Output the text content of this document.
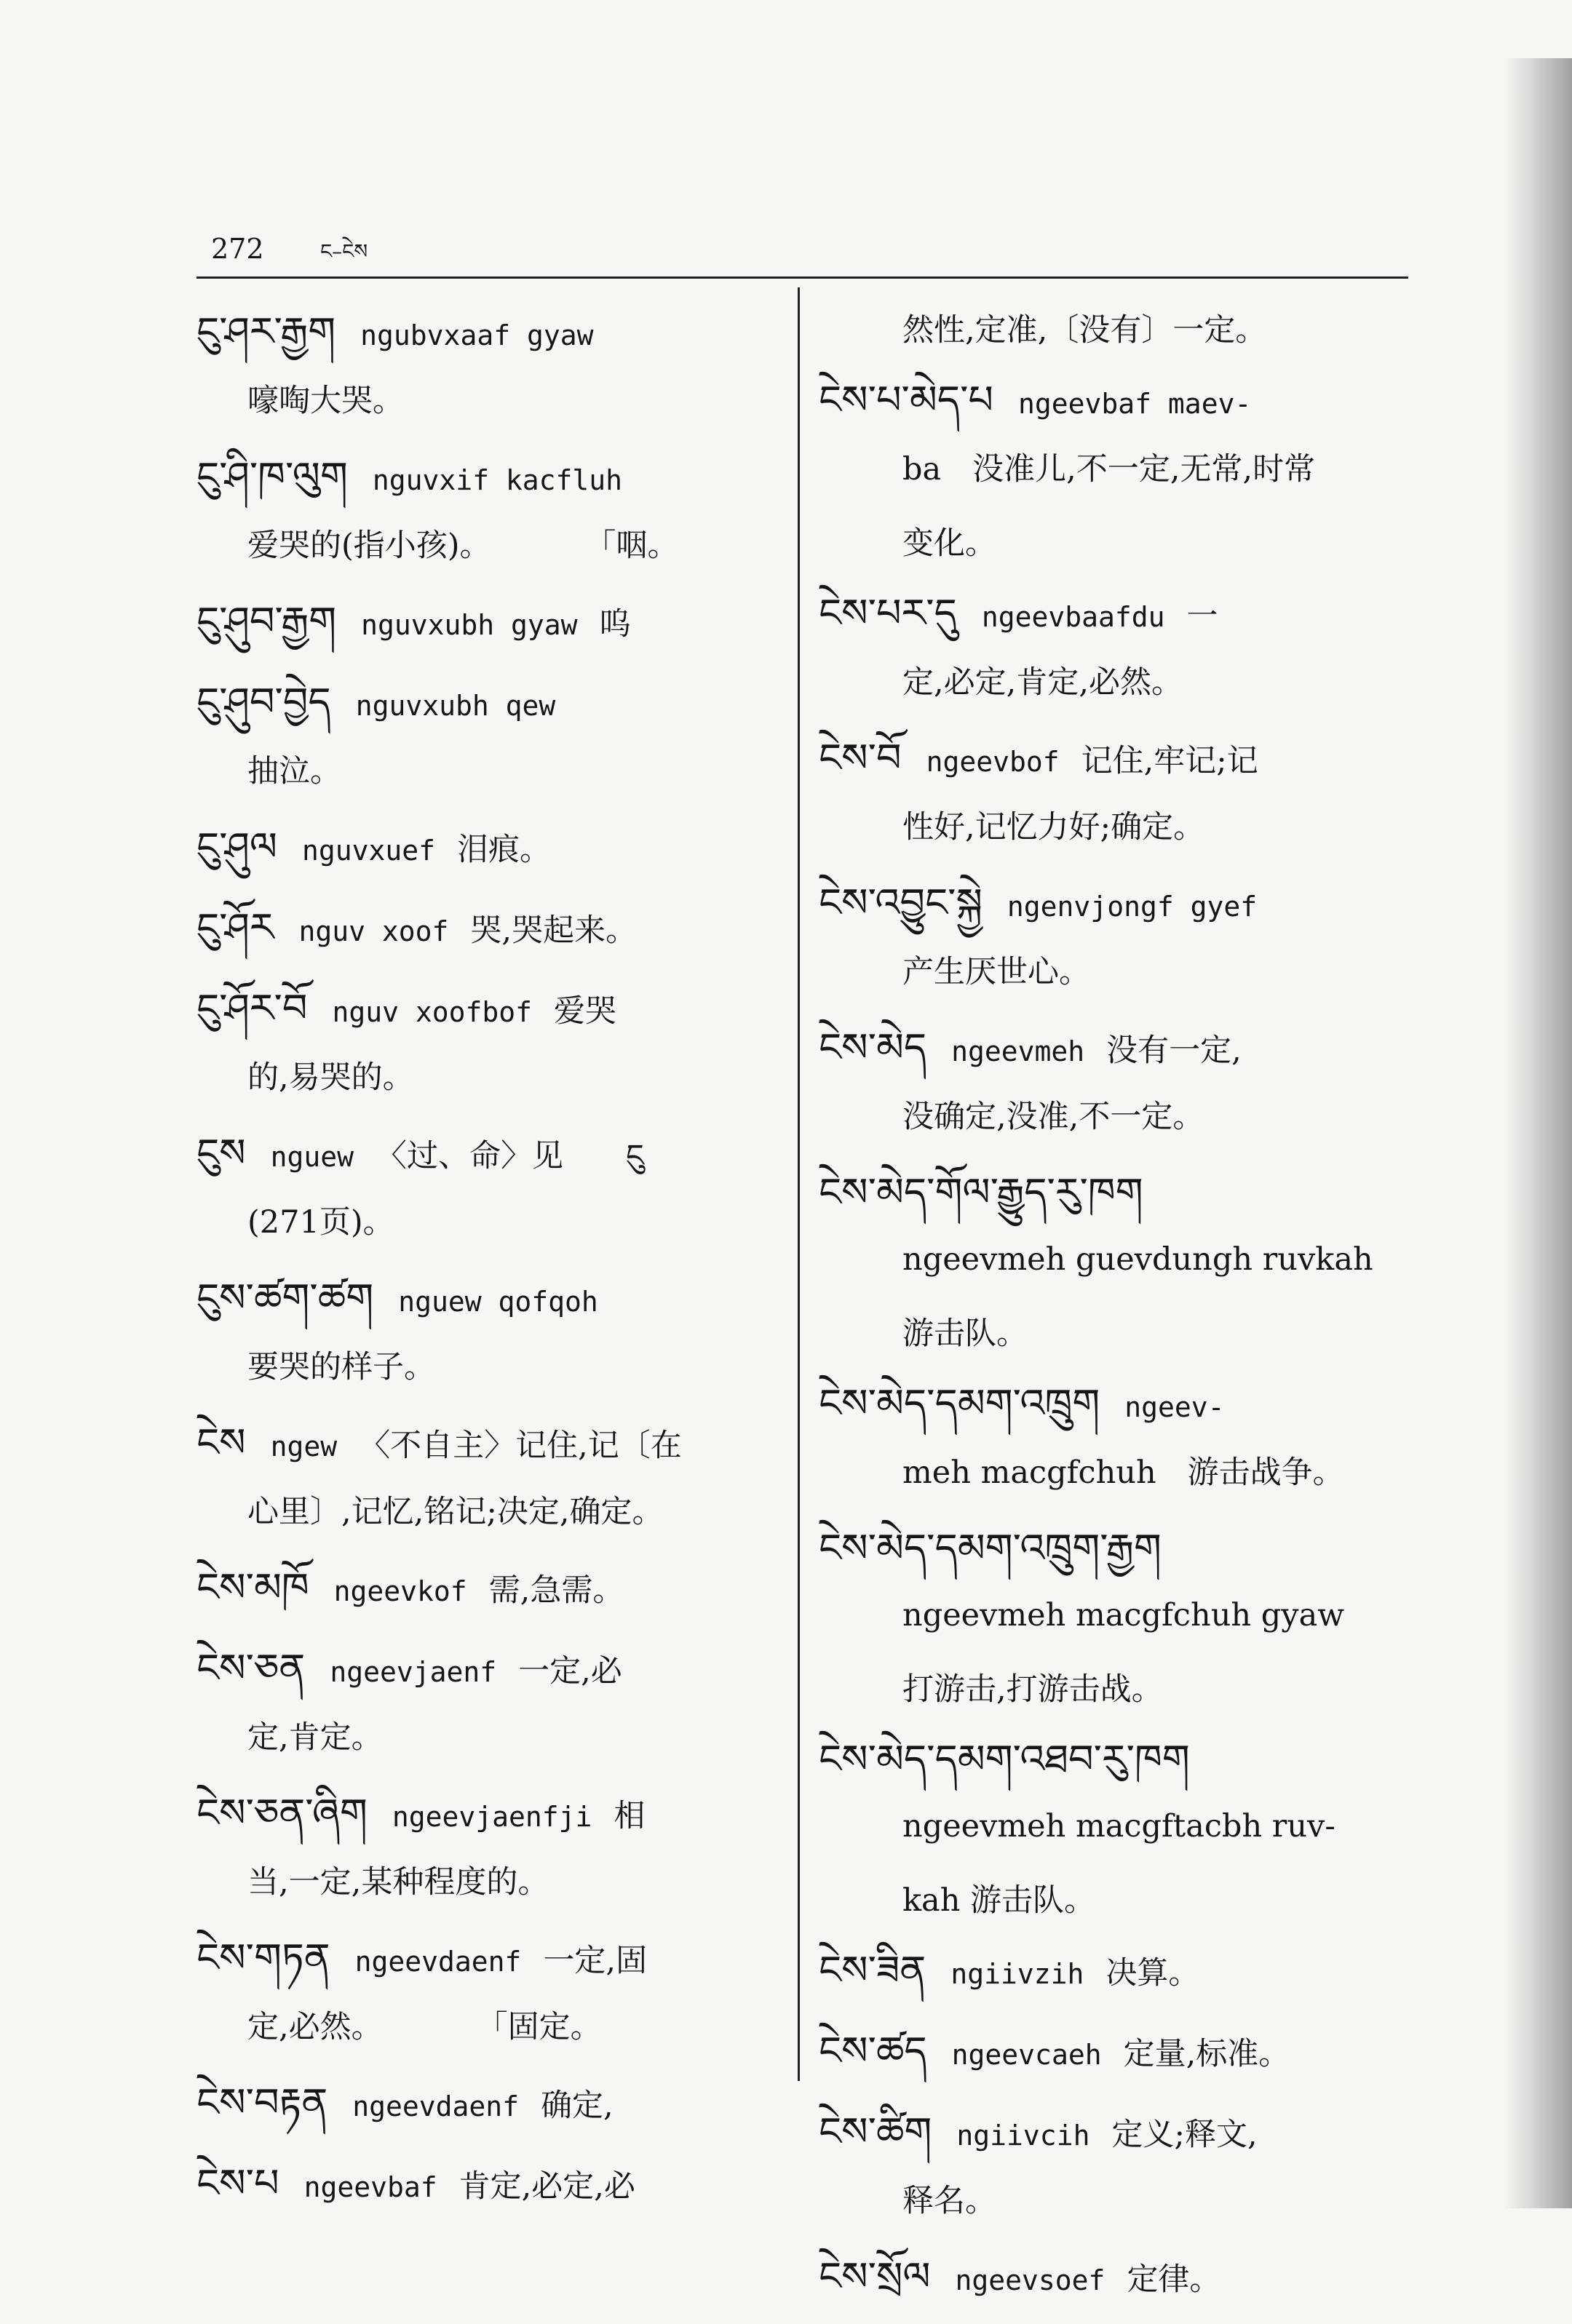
272	ང–ངེས
ངུ་ཤར་རྒྱག ngubvxaaf gyaw
嚎啕大哭。
ངུ་ཤི་ཁ་ལུག nguvxif kacfluh
爱哭的(指小孩)。　　　　「咽。
ངུ་ཤུབ་རྒྱག nguvxubh gyaw 呜
ངུ་ཤུབ་བྱེད nguvxubh qew
抽泣。
ངུ་ཤུལ nguvxuef 泪痕。
ངུ་ཤོར nguv xoof 哭,哭起来。
ངུ་ཤོར་བོ nguv xoofbof 爱哭
的,易哭的。
ངུས nguew 〈过、命〉见　　ངུ
(271页)。
ངུས་ཚག་ཚག nguew qofqoh
要哭的样子。
ངེས ngew 〈不自主〉记住,记〔在
心里〕,记忆,铭记;决定,确定。
ངེས་མཁོ ngeevkof 需,急需。
ངེས་ཅན ngeevjaenf 一定,必
定,肯定。
ངེས་ཅན་ཞིག ngeevjaenfji 相
当,一定,某种程度的。
ངེས་གཏན ngeevdaenf 一定,固
定,必然。　　　　「固定。
ངེས་བརྟན ngeevdaenf 确定,
ངེས་པ ngeevbaf 肯定,必定,必
然性,定准,〔没有〕一定。
ངེས་པ་མེད་པ ngeevbaf maev-
ba　没准儿,不一定,无常,时常
变化。
ངེས་པར་དུ ngeevbaafdu 一
定,必定,肯定,必然。
ངེས་བོ ngeevbof 记住,牢记;记
性好,记忆力好;确定。
ངེས་འབྱུང་སྐྱེ ngenvjongf gyef
产生厌世心。
ངེས་མེད ngeevmeh 没有一定,
没确定,没准,不一定。
ངེས་མེད་གོལ་རྒྱུད་རུ་ཁག
ngeevmeh guevdungh ruvkah
游击队。
ངེས་མེད་དམག་འཁྲུག ngeev-
meh macgfchuh　游击战争。
ངེས་མེད་དམག་འཁྲུག་རྒྱག
ngeevmeh macgfchuh gyaw
打游击,打游击战。
ངེས་མེད་དམག་འཐབ་རུ་ཁག
ngeevmeh macgftacbh ruv-
kah 游击队。
ངེས་ཟིན ngiivzih 决算。
ངེས་ཚད ngeevcaeh 定量,标准。
ངེས་ཚིག ngiivcih 定义;释文,
释名。
ངེས་སྲོལ ngeevsoef 定律。
